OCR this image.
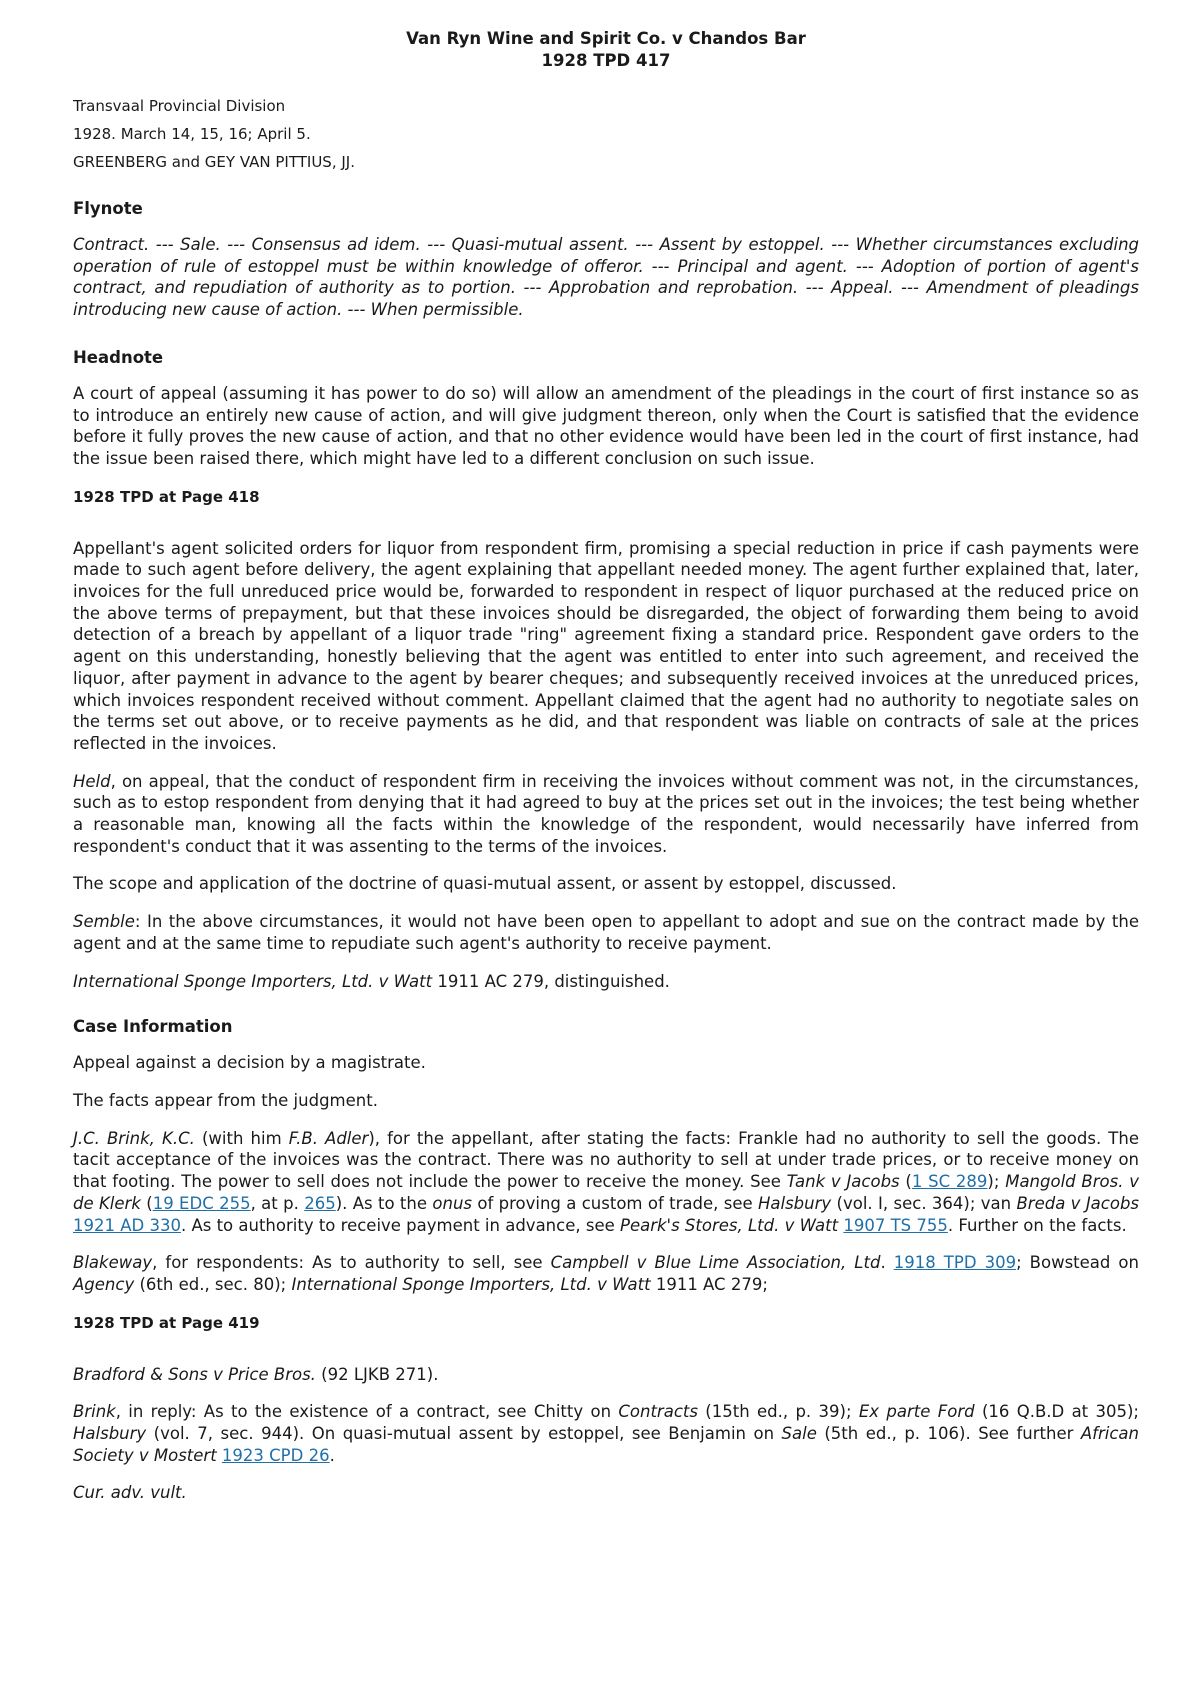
Van Ryn Wine and Spirit Co. v Chandos Bar
1928 TPD 417

Transvaal Provincial Division

1928. March 14, 15, 16; April 5.

GREENBERG and GEY VAN PITTIUS, JJ.

Flynote

Contract. --- Sale. --- Consensus ad idem. --- Quasi-mutual assent. --- Assent by estoppel. --- Whether circumstances excluding operation of rule of estoppel must be within knowledge of offeror. --- Principal and agent. --- Adoption of portion of agent's contract, and repudiation of authority as to portion. --- Approbation and reprobation. --- Appeal. --- Amendment of pleadings introducing new cause of action. --- When permissible.

Headnote

A court of appeal (assuming it has power to do so) will allow an amendment of the pleadings in the court of first instance so as to introduce an entirely new cause of action, and will give judgment thereon, only when the Court is satisfied that the evidence before it fully proves the new cause of action, and that no other evidence would have been led in the court of first instance, had the issue been raised there, which might have led to a different conclusion on such issue.

1928 TPD at Page 418

Appellant's agent solicited orders for liquor from respondent firm, promising a special reduction in price if cash payments were made to such agent before delivery, the agent explaining that appellant needed money. The agent further explained that, later, invoices for the full unreduced price would be, forwarded to respondent in respect of liquor purchased at the reduced price on the above terms of prepayment, but that these invoices should be disregarded, the object of forwarding them being to avoid detection of a breach by appellant of a liquor trade "ring" agreement fixing a standard price. Respondent gave orders to the agent on this understanding, honestly believing that the agent was entitled to enter into such agreement, and received the liquor, after payment in advance to the agent by bearer cheques; and subsequently received invoices at the unreduced prices, which invoices respondent received without comment. Appellant claimed that the agent had no authority to negotiate sales on the terms set out above, or to receive payments as he did, and that respondent was liable on contracts of sale at the prices reflected in the invoices.

Held, on appeal, that the conduct of respondent firm in receiving the invoices without comment was not, in the circumstances, such as to estop respondent from denying that it had agreed to buy at the prices set out in the invoices; the test being whether a reasonable man, knowing all the facts within the knowledge of the respondent, would necessarily have inferred from respondent's conduct that it was assenting to the terms of the invoices.

The scope and application of the doctrine of quasi-mutual assent, or assent by estoppel, discussed.

Semble: In the above circumstances, it would not have been open to appellant to adopt and sue on the contract made by the agent and at the same time to repudiate such agent's authority to receive payment.

International Sponge Importers, Ltd. v Watt 1911 AC 279, distinguished.

Case Information

Appeal against a decision by a magistrate.

The facts appear from the judgment.

J.C. Brink, K.C. (with him F.B. Adler), for the appellant, after stating the facts: Frankle had no authority to sell the goods. The tacit acceptance of the invoices was the contract. There was no authority to sell at under trade prices, or to receive money on that footing. The power to sell does not include the power to receive the money. See Tank v Jacobs (1 SC 289); Mangold Bros. v de Klerk (19 EDC 255, at p. 265). As to the onus of proving a custom of trade, see Halsbury (vol. I, sec. 364); van Breda v Jacobs 1921 AD 330. As to authority to receive payment in advance, see Peark's Stores, Ltd. v Watt 1907 TS 755. Further on the facts.

Blakeway, for respondents: As to authority to sell, see Campbell v Blue Lime Association, Ltd. 1918 TPD 309; Bowstead on Agency (6th ed., sec. 80); International Sponge Importers, Ltd. v Watt 1911 AC 279;

1928 TPD at Page 419

Bradford & Sons v Price Bros. (92 LJKB 271).

Brink, in reply: As to the existence of a contract, see Chitty on Contracts (15th ed., p. 39); Ex parte Ford (16 Q.B.D at 305); Halsbury (vol. 7, sec. 944). On quasi-mutual assent by estoppel, see Benjamin on Sale (5th ed., p. 106). See further African Society v Mostert 1923 CPD 26.

Cur. adv. vult.
